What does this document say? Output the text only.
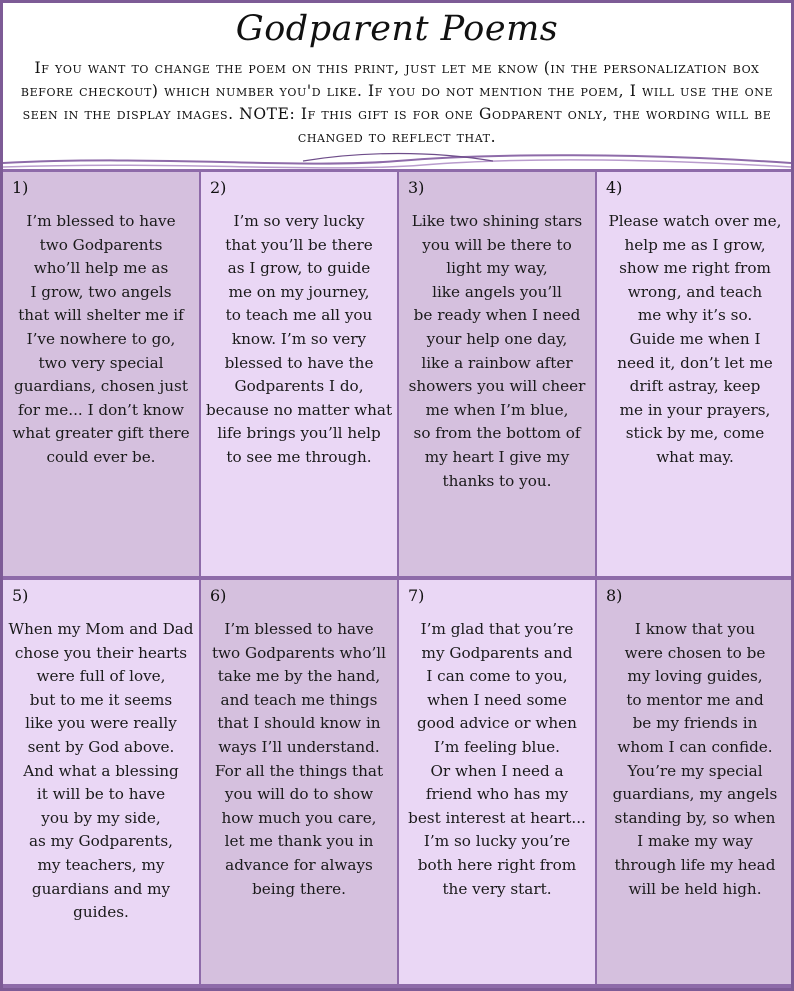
Godparent Poems
If you want to change the poem on this print, just let me know (in the personalization box before checkout) which number you'd like. If you do not mention the poem, I will use the one seen in the display images. NOTE: If this gift is for one Godparent only, the wording will be changed to reflect that.
1)
I’m blessed to have
two Godparents
who’ll help me as
I grow, two angels
that will shelter me if
I’ve nowhere to go,
two very special
guardians, chosen just
for me... I don’t know
what greater gift there
could ever be.
2)
I’m so very lucky
that you’ll be there
as I grow, to guide
me on my journey,
to teach me all you
know. I’m so very
blessed to have the
Godparents I do,
because no matter what
life brings you’ll help
to see me through.
3)
Like two shining stars
you will be there to
light my way,
like angels you’ll
be ready when I need
your help one day,
like a rainbow after
showers you will cheer
me when I’m blue,
so from the bottom of
my heart I give my
thanks to you.
4)
Please watch over me,
help me as I grow,
show me right from
wrong, and teach
me why it’s so.
Guide me when I
need it, don’t let me
drift astray, keep
me in your prayers,
stick by me, come
what may.
5)
When my Mom and Dad
chose you their hearts
were full of love,
but to me it seems
like you were really
sent by God above.
And what a blessing
it will be to have
you by my side,
as my Godparents,
my teachers, my
guardians and my
guides.
6)
I’m blessed to have
two Godparents who’ll
take me by the hand,
and teach me things
that I should know in
ways I’ll understand.
For all the things that
you will do to show
how much you care,
let me thank you in
advance for always
being there.
7)
I’m glad that you’re
my Godparents and
I can come to you,
when I need some
good advice or when
I’m feeling blue.
Or when I need a
friend who has my
best interest at heart...
I’m so lucky you’re
both here right from
the very start.
8)
I know that you
were chosen to be
my loving guides,
to mentor me and
be my friends in
whom I can confide.
You’re my special
guardians, my angels
standing by, so when
I make my way
through life my head
will be held high.
